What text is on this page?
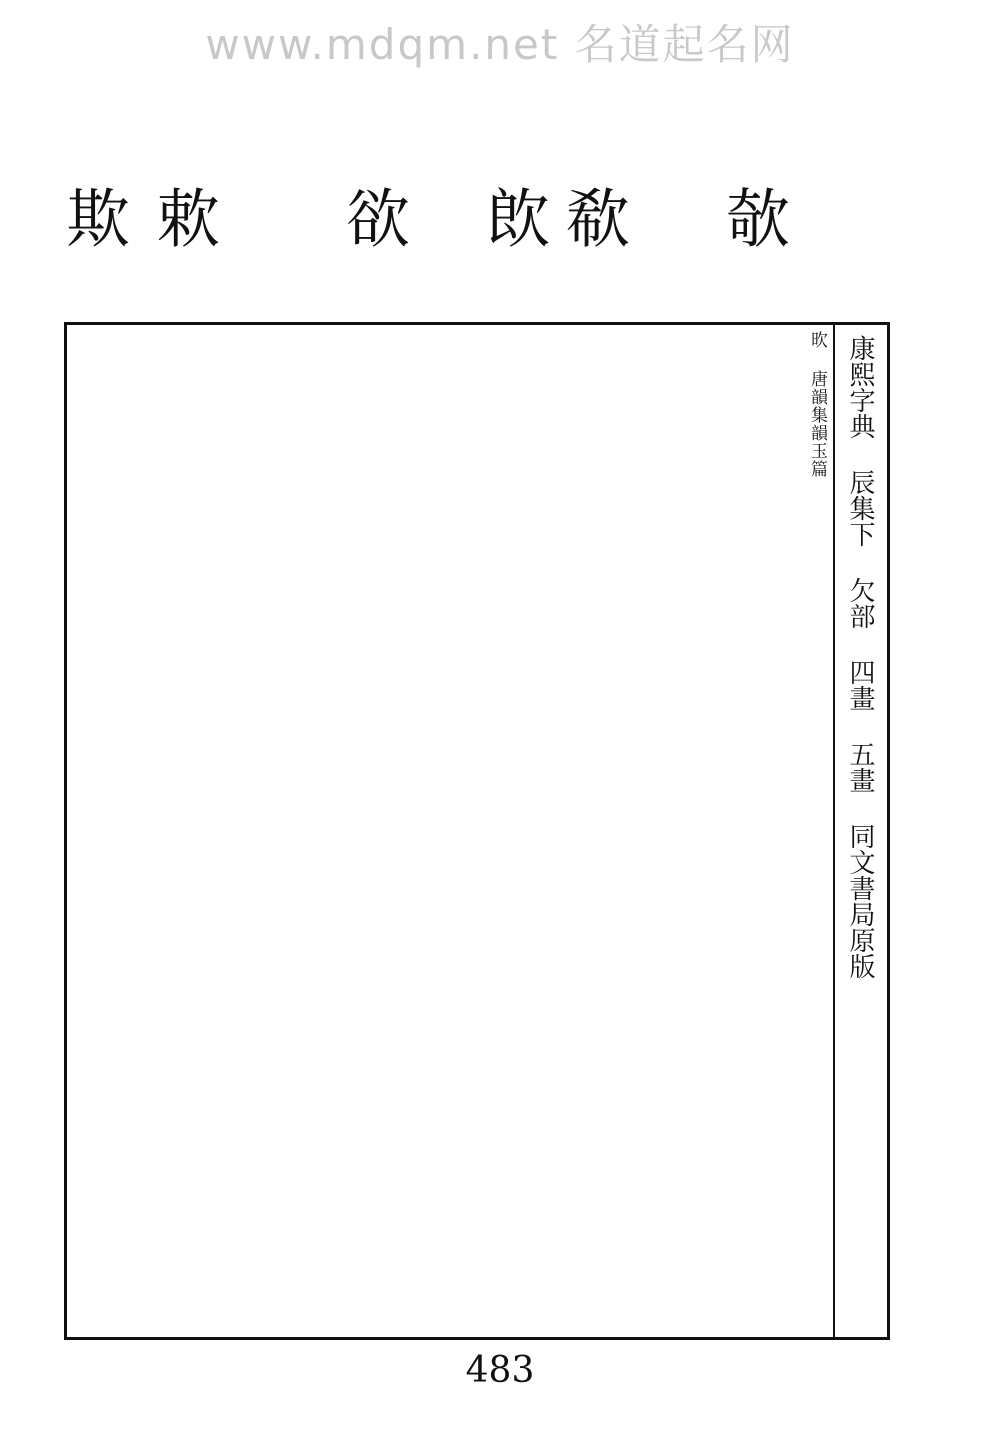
www.mdqm.net 名道起名网
欺 欶 欲 欴 欷 欹
康熙字典辰集下欠部四畫五畫同文書局原版
欥 唐韻集韻玉篇
483
